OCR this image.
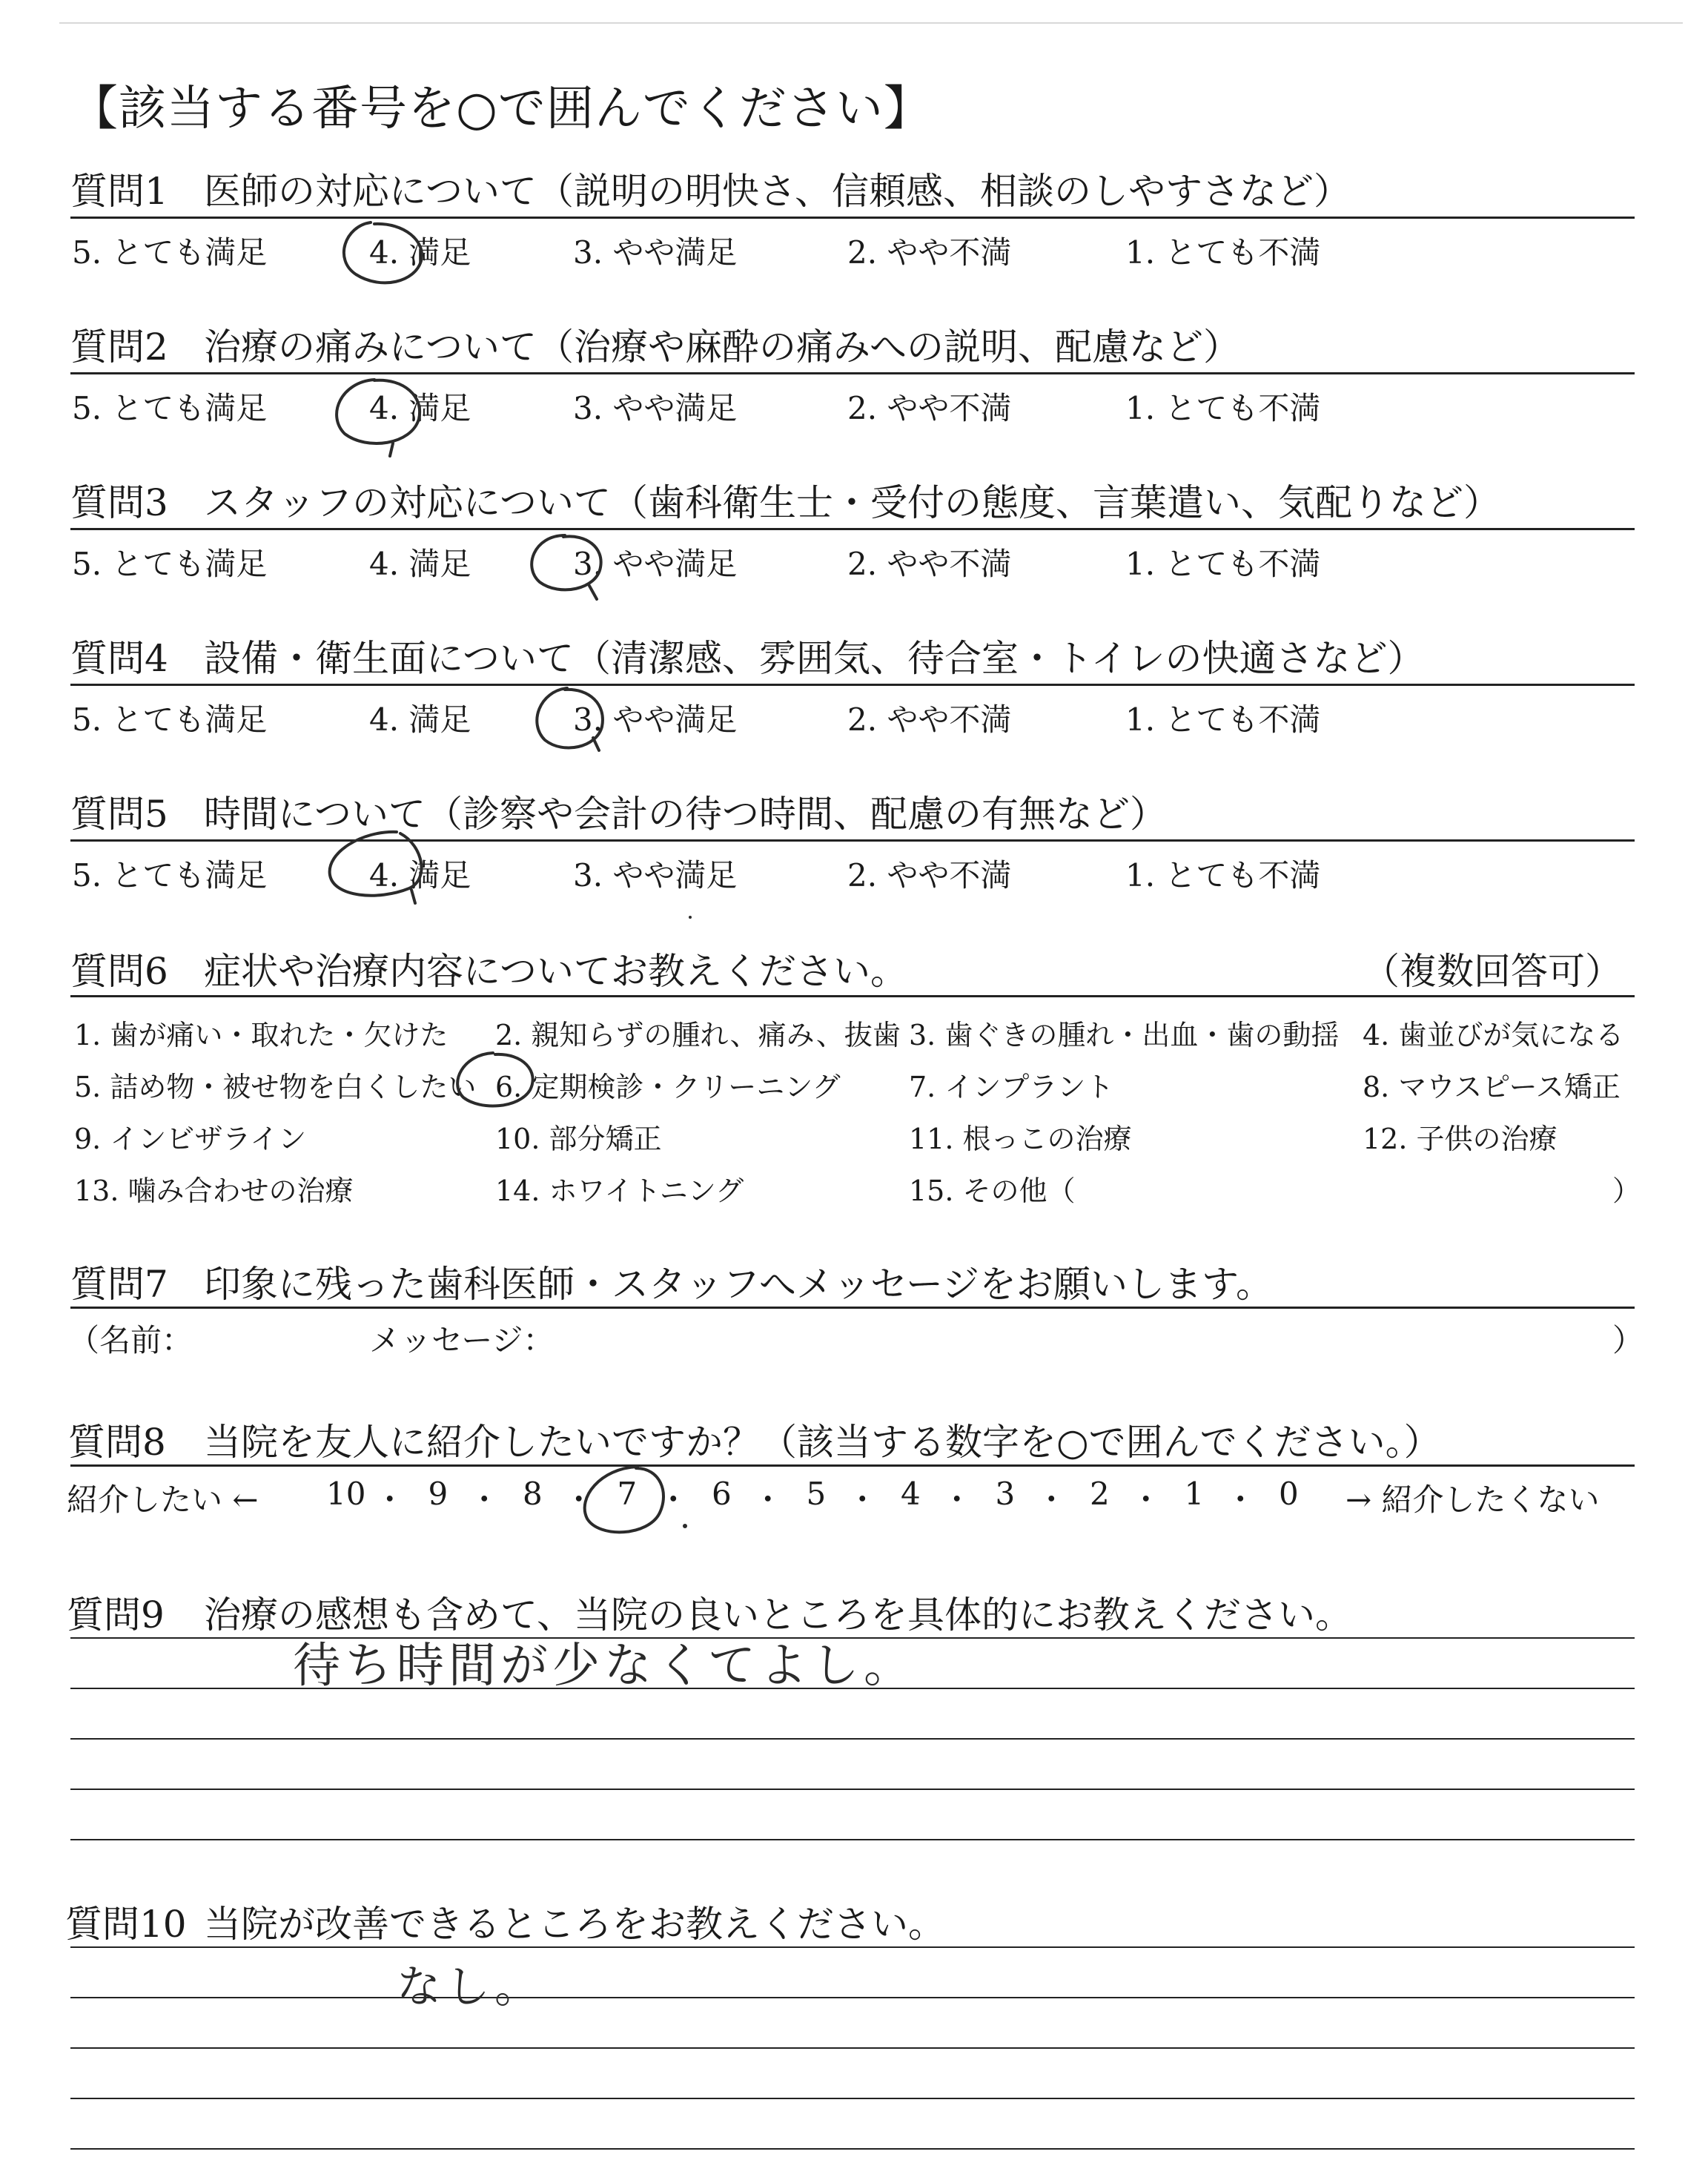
【該当する番号を○で囲んでください】
質問1 医師の対応について（説明の明快さ、信頼感、相談のしやすさなど）
5. とても満足	4. 満足	3. やや満足	2. やや不満	1. とても不満
質問2 治療の痛みについて（治療や麻酔の痛みへの説明、配慮など）
5. とても満足	4. 満足	3. やや満足	2. やや不満	1. とても不満
質問3 スタッフの対応について（歯科衛生士・受付の態度、言葉遣い、気配りなど）
5. とても満足	4. 満足	3. やや満足	2. やや不満	1. とても不満
質問4 設備・衛生面について（清潔感、雰囲気、待合室・トイレの快適さなど）
5. とても満足	4. 満足	3. やや満足	2. やや不満	1. とても不満
質問5 時間について（診察や会計の待つ時間、配慮の有無など）
5. とても満足	4. 満足	3. やや満足	2. やや不満	1. とても不満
質問6 症状や治療内容についてお教えください。	（複数回答可）
1. 歯が痛い・取れた・欠けた 2. 親知らずの腫れ、痛み、抜歯 3. 歯ぐきの腫れ・出血・歯の動揺 4. 歯並びが気になる
5. 詰め物・被せ物を白くしたい 6. 定期検診・クリーニング 7. インプラント	8. マウスピース矯正
9. インビザライン	10. 部分矯正	11. 根っこの治療	12. 子供の治療
13. 噛み合わせの治療	14. ホワイトニング	15. その他（	）
質問7 印象に残った歯科医師・スタッフへメッセージをお願いします。
（名前：	メッセージ：	）
質問8 当院を友人に紹介したいですか？（該当する数字を○で囲んでください。）
紹介したい ←	→ 紹介したくない
10 ・ 9 ・ 8 ・ 7 ・ 6 ・ 5 ・ 4 ・ 3 ・ 2 ・ 1 ・ 0
質問9 治療の感想も含めて、当院の良いところを具体的にお教えください。
待ち時間が少なくてよし。
質問10 当院が改善できるところをお教えください。
なし。
